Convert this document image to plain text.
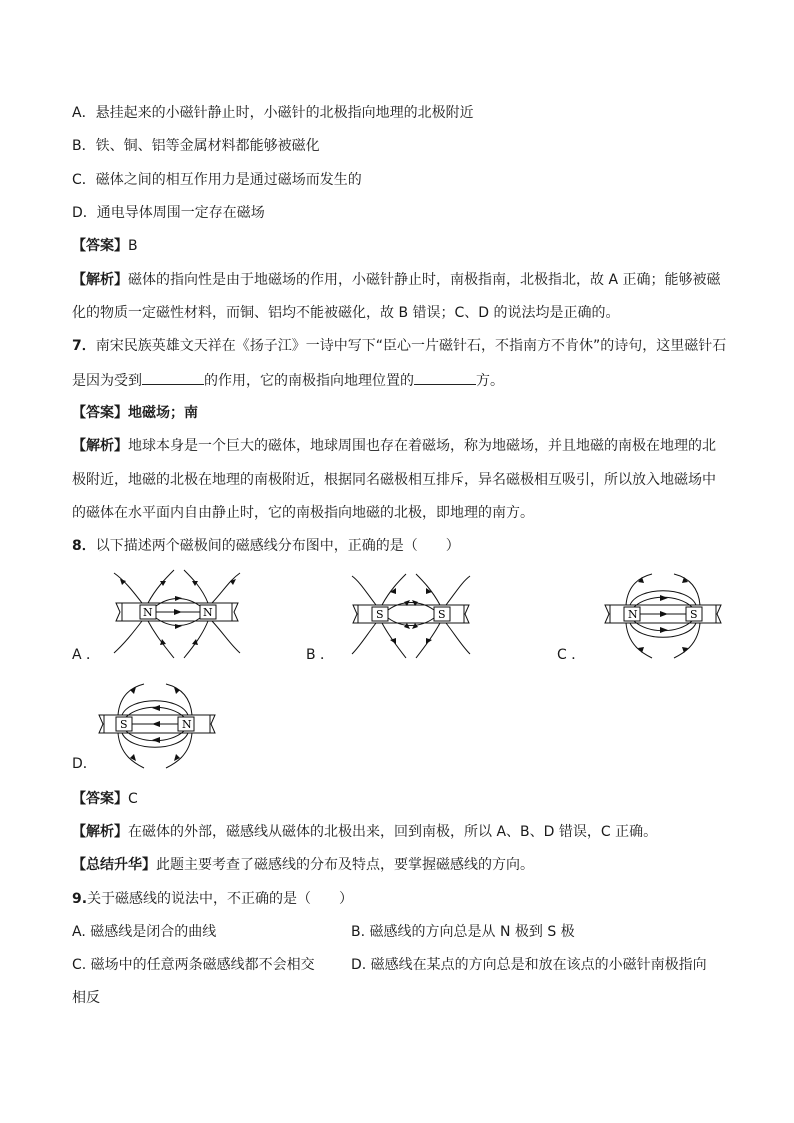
A．悬挂起来的小磁针静止时，小磁针的北极指向地理的北极附近
B．铁、铜、铝等金属材料都能够被磁化
C．磁体之间的相互作用力是通过磁场而发生的
D．通电导体周围一定存在磁场
【答案】B
【解析】磁体的指向性是由于地磁场的作用，小磁针静止时，南极指南，北极指北，故 A 正确；能够被磁
化的物质一定磁性材料，而铜、铝均不能被磁化，故 B 错误；C、D 的说法均是正确的。
7．南宋民族英雄文天祥在《扬子江》一诗中写下“臣心一片磁针石，不指南方不肯休”的诗句，这里磁针石
是因为受到	的作用，它的南极指向地理位置的	方。
【答案】地磁场；南
【解析】地球本身是一个巨大的磁体，地球周围也存在着磁场，称为地磁场，并且地磁的南极在地理的北
极附近，地磁的北极在地理的南极附近，根据同名磁极相互排斥，异名磁极相互吸引，所以放入地磁场中
的磁体在水平面内自由静止时，它的南极指向地磁的北极，即地理的南方。
8．以下描述两个磁极间的磁感线分布图中，正确的是（　　）
N	N
A ．
S	S
B ．
N	S
C ．
S	N
D．
【答案】C
【解析】在磁体的外部，磁感线从磁体的北极出来，回到南极，所以 A、B、D 错误，C 正确。
【总结升华】此题主要考查了磁感线的分布及特点，要掌握磁感线的方向。
9.关于磁感线的说法中，不正确的是（　　）
A. 磁感线是闭合的曲线	B. 磁感线的方向总是从 N 极到 S 极
C. 磁场中的任意两条磁感线都不会相交	D. 磁感线在某点的方向总是和放在该点的小磁针南极指向
相反
